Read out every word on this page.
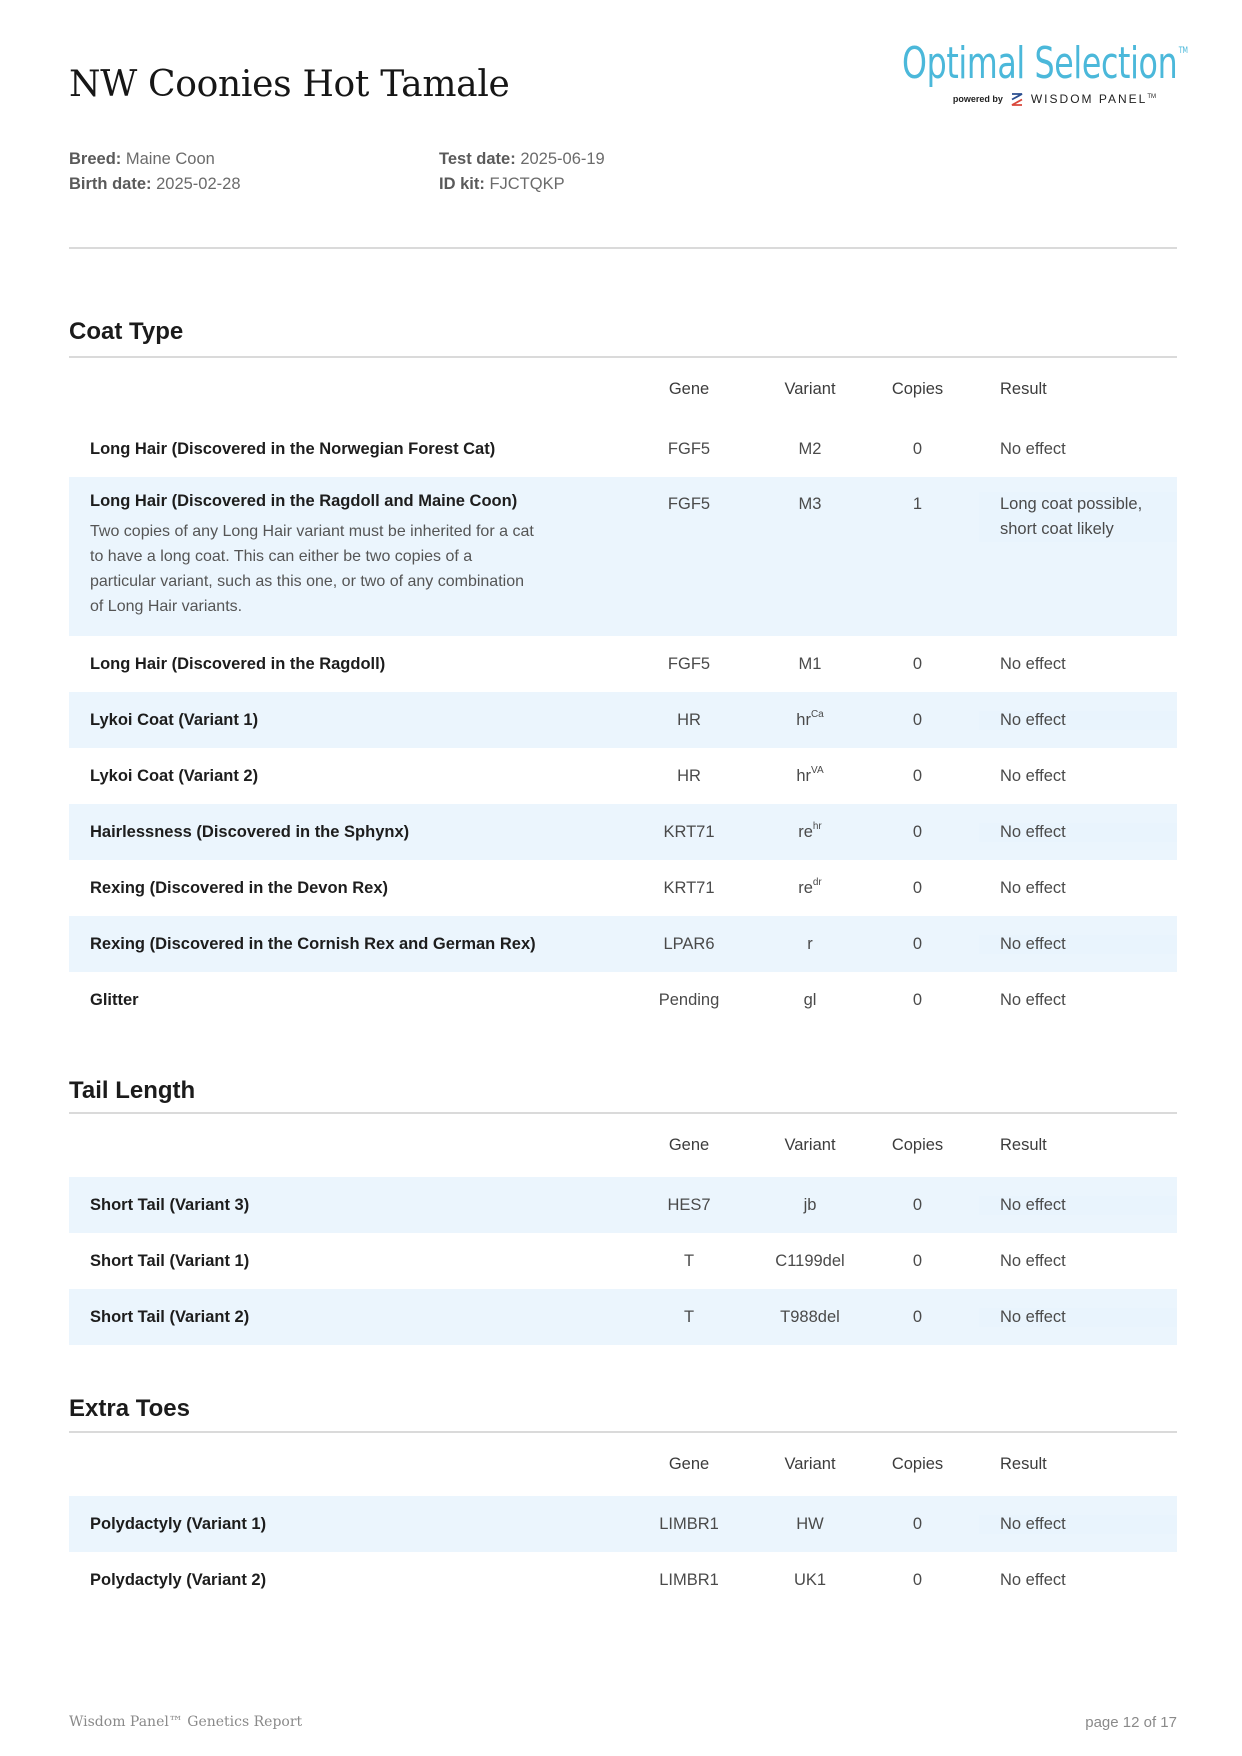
NW Coonies Hot Tamale	Optimal Selection™
powered by WISDOM PANEL™
Breed: Maine Coon
Birth date: 2025-02-28
Test date: 2025-06-19
ID kit: FJCTQKP
Coat Type
Gene	Variant	Copies	Result
Long Hair (Discovered in the Norwegian Forest Cat)	FGF5	M2	0	No effect
Long Hair (Discovered in the Ragdoll and Maine Coon)
Two copies of any Long Hair variant must be inherited for a cat to have a long coat. This can either be two copies of a particular variant, such as this one, or two of any combination of Long Hair variants.
FGF5	M3	1	Long coat possible, short coat likely
Long Hair (Discovered in the Ragdoll)	FGF5	M1	0	No effect
Lykoi Coat (Variant 1)	HR	$hr^{Ca}$	0	No effect
Lykoi Coat (Variant 2)	HR	$hr^{VA}$	0	No effect
Hairlessness (Discovered in the Sphynx)	KRT71	$re^{hr}$	0	No effect
Rexing (Discovered in the Devon Rex)	KRT71	$re^{dr}$	0	No effect
Rexing (Discovered in the Cornish Rex and German Rex)	LPAR6	r	0	No effect
Glitter	Pending	gl	0	No effect
Tail Length
Gene	Variant	Copies	Result
Short Tail (Variant 3)	HES7	jb	0	No effect
Short Tail (Variant 1)	T	C1199del	0	No effect
Short Tail (Variant 2)	T	T988del	0	No effect
Extra Toes
Gene	Variant	Copies	Result
Polydactyly (Variant 1)	LIMBR1	HW	0	No effect
Polydactyly (Variant 2)	LIMBR1	UK1	0	No effect
Wisdom Panel™ Genetics Report	page 12 of 17
